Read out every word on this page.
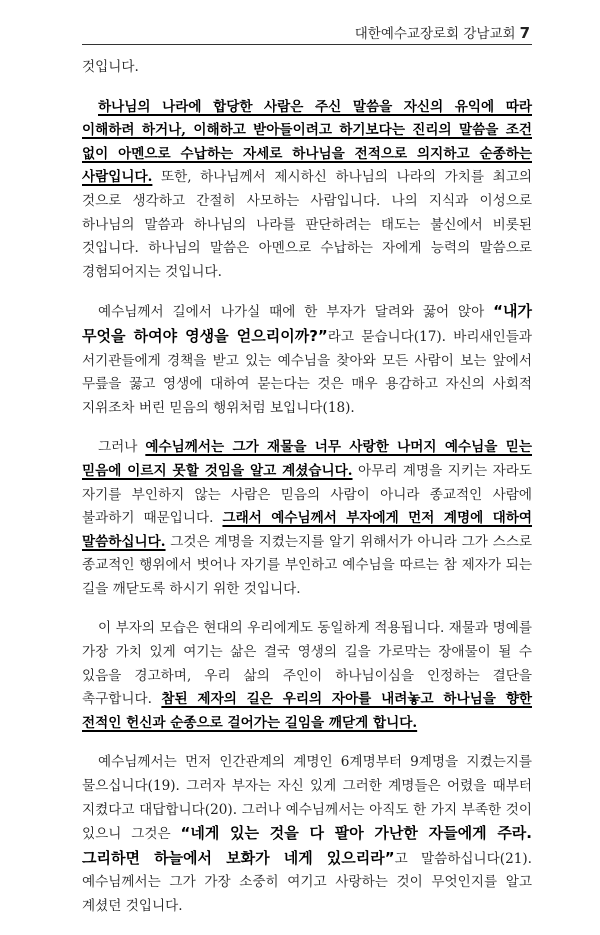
대한예수교장로회 강남교회 7

것입니다.

하나님의 나라에 합당한 사람은 주신 말씀을 자신의 유익에 따라 이해하려 하거나, 이해하고 받아들이려고 하기보다는 진리의 말씀을 조건 없이 아멘으로 수납하는 자세로 하나님을 전적으로 의지하고 순종하는 사람입니다. 또한, 하나님께서 제시하신 하나님의 나라의 가치를 최고의 것으로 생각하고 간절히 사모하는 사람입니다. 나의 지식과 이성으로 하나님의 말씀과 하나님의 나라를 판단하려는 태도는 불신에서 비롯된 것입니다. 하나님의 말씀은 아멘으로 수납하는 자에게 능력의 말씀으로 경험되어지는 것입니다.

예수님께서 길에서 나가실 때에 한 부자가 달려와 꿇어 앉아 “내가 무엇을 하여야 영생을 얻으리이까?”라고 묻습니다(17). 바리새인들과 서기관들에게 경책을 받고 있는 예수님을 찾아와 모든 사람이 보는 앞에서 무릎을 꿇고 영생에 대하여 묻는다는 것은 매우 용감하고 자신의 사회적 지위조차 버린 믿음의 행위처럼 보입니다(18).

그러나 예수님께서는 그가 재물을 너무 사랑한 나머지 예수님을 믿는 믿음에 이르지 못할 것임을 알고 계셨습니다. 아무리 계명을 지키는 자라도 자기를 부인하지 않는 사람은 믿음의 사람이 아니라 종교적인 사람에 불과하기 때문입니다. 그래서 예수님께서 부자에게 먼저 계명에 대하여 말씀하십니다. 그것은 계명을 지켰는지를 알기 위해서가 아니라 그가 스스로 종교적인 행위에서 벗어나 자기를 부인하고 예수님을 따르는 참 제자가 되는 길을 깨닫도록 하시기 위한 것입니다.

이 부자의 모습은 현대의 우리에게도 동일하게 적용됩니다. 재물과 명예를 가장 가치 있게 여기는 삶은 결국 영생의 길을 가로막는 장애물이 될 수 있음을 경고하며, 우리 삶의 주인이 하나님이심을 인정하는 결단을 촉구합니다. 참된 제자의 길은 우리의 자아를 내려놓고 하나님을 향한 전적인 헌신과 순종으로 걸어가는 길임을 깨닫게 합니다.

예수님께서는 먼저 인간관계의 계명인 6계명부터 9계명을 지켰는지를 물으십니다(19). 그러자 부자는 자신 있게 그러한 계명들은 어렸을 때부터 지켰다고 대답합니다(20). 그러나 예수님께서는 아직도 한 가지 부족한 것이 있으니 그것은 “네게 있는 것을 다 팔아 가난한 자들에게 주라. 그리하면 하늘에서 보화가 네게 있으리라”고 말씀하십니다(21). 예수님께서는 그가 가장 소중히 여기고 사랑하는 것이 무엇인지를 알고 계셨던 것입니다.
